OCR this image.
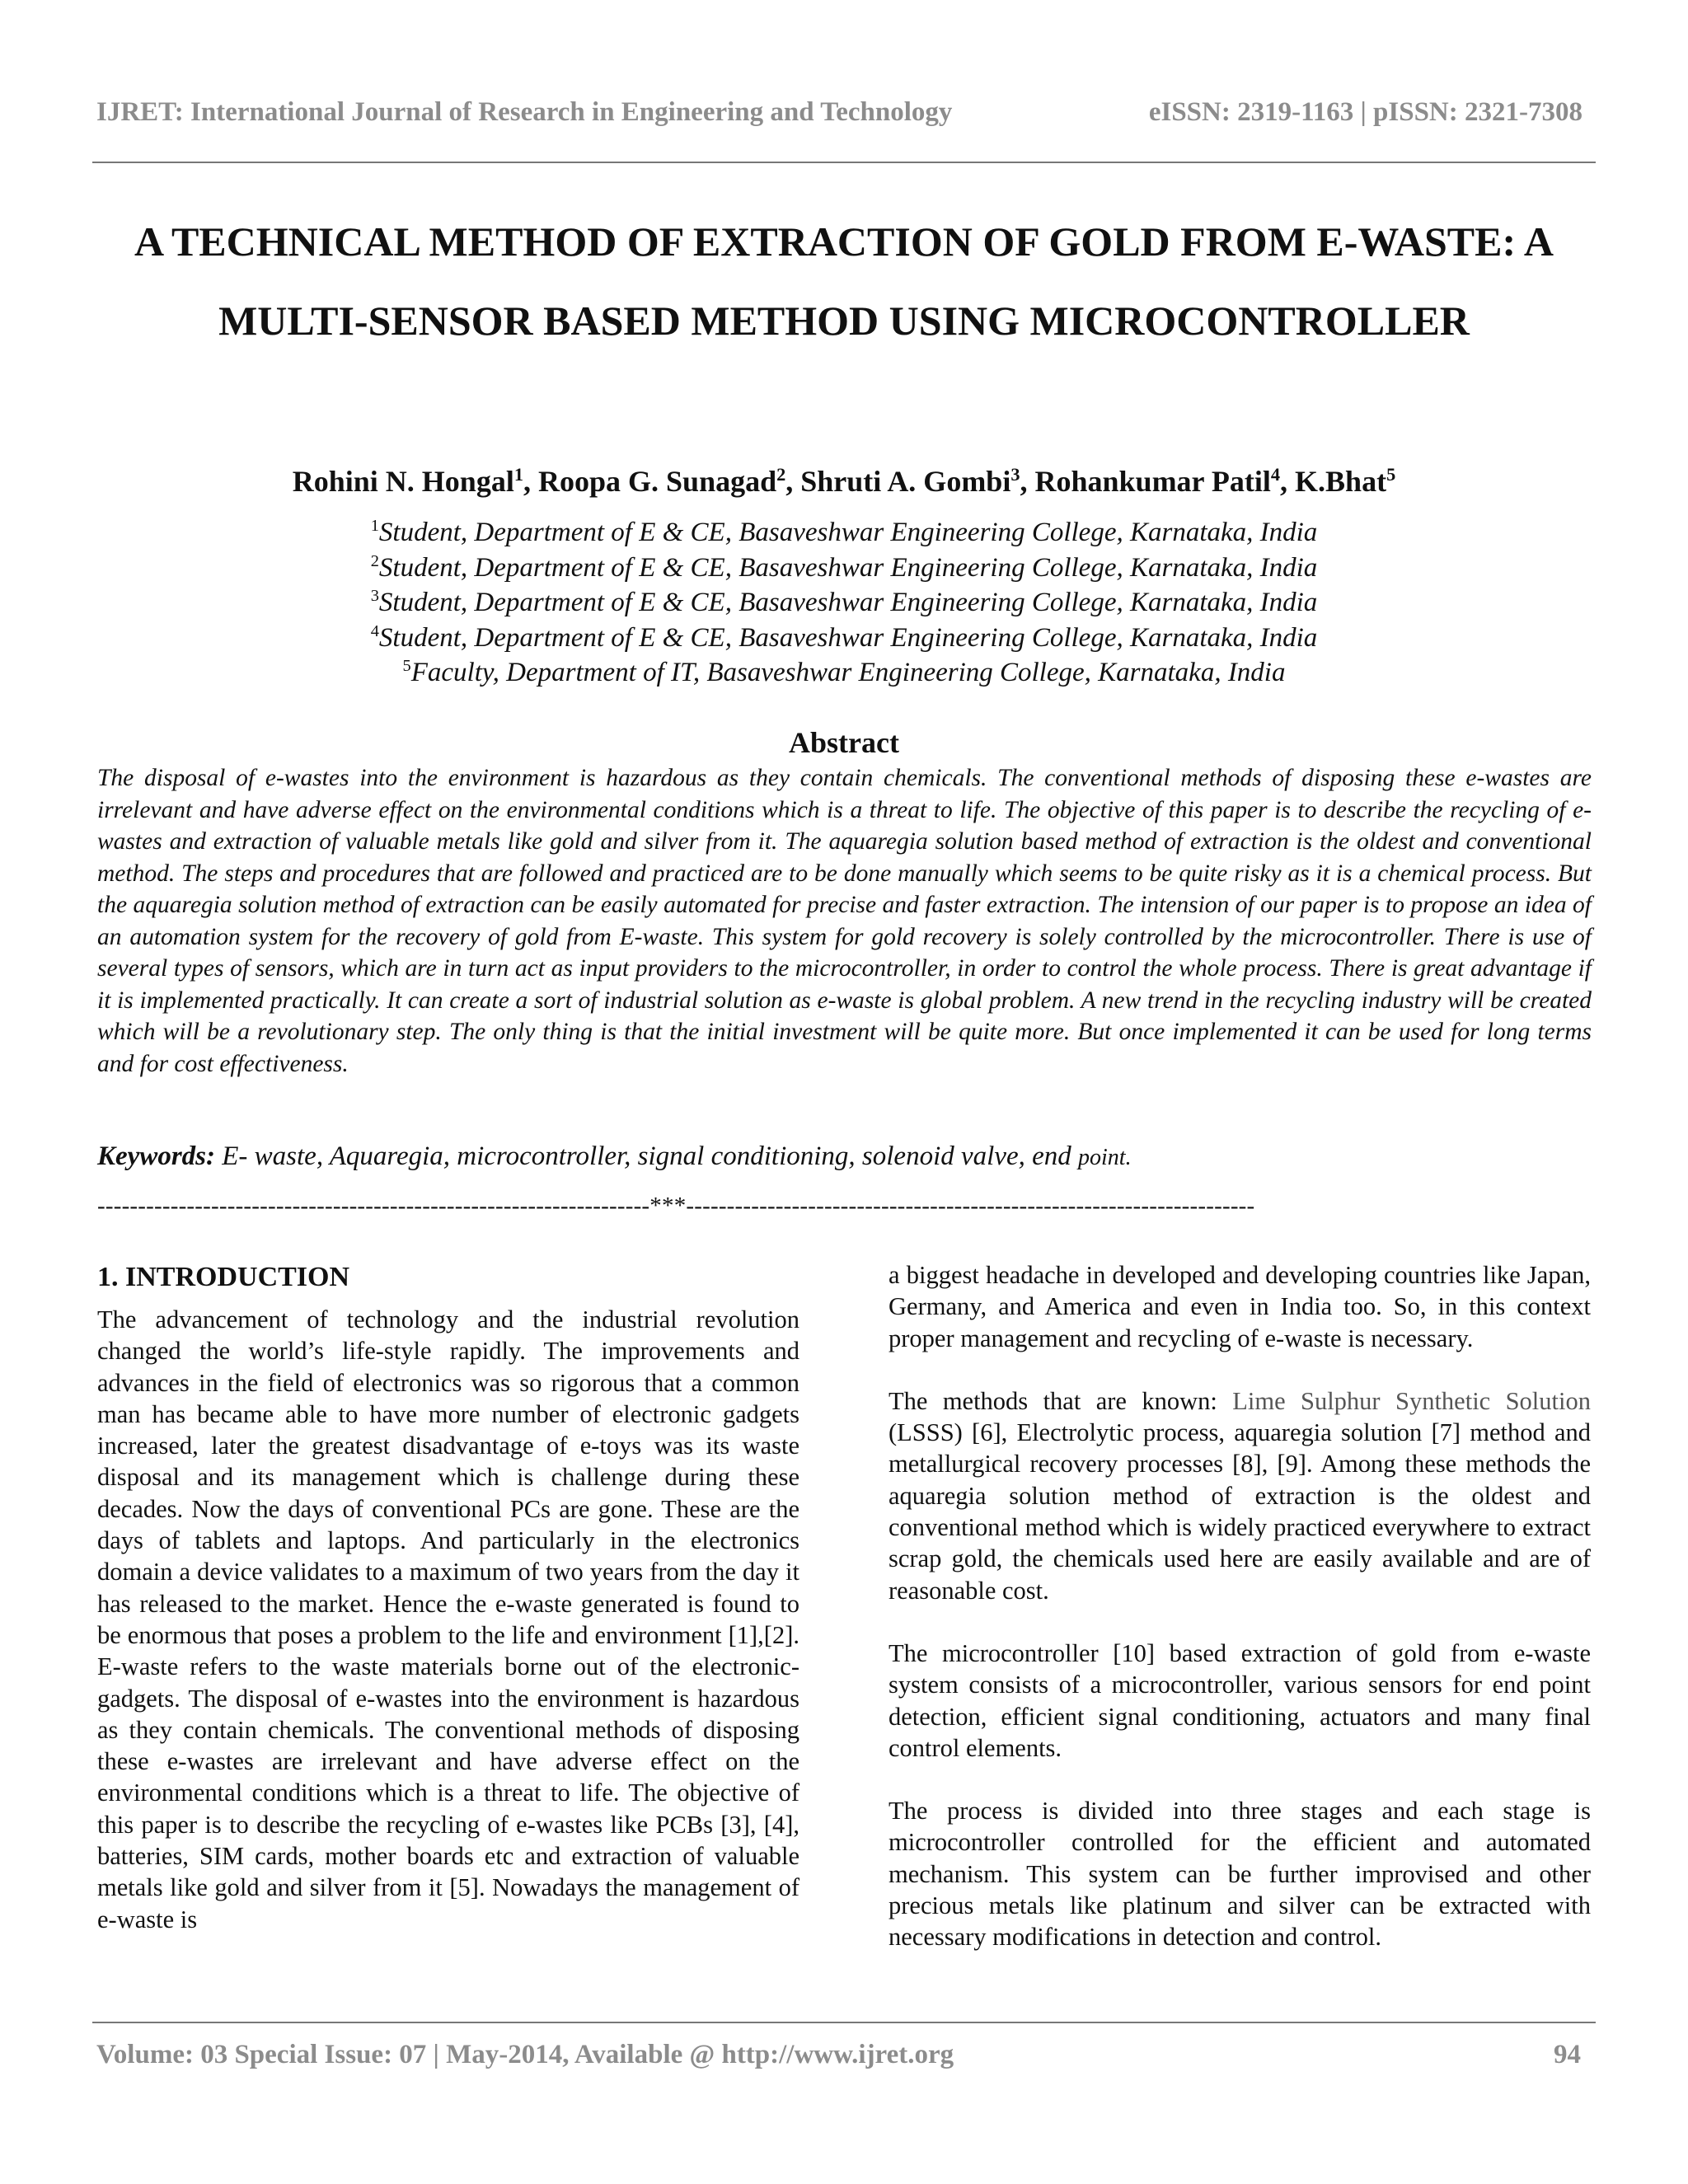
IJRET: International Journal of Research in Engineering and Technology	eISSN: 2319-1163 | pISSN: 2321-7308
A TECHNICAL METHOD OF EXTRACTION OF GOLD FROM E-WASTE: A MULTI-SENSOR BASED METHOD USING MICROCONTROLLER
Rohini N. Hongal$^1$, Roopa G. Sunagad$^2$, Shruti A. Gombi$^3$, Rohankumar Patil$^4$, K.Bhat$^5$
$^1$Student, Department of E & CE, Basaveshwar Engineering College, Karnataka, India
$^2$Student, Department of E & CE, Basaveshwar Engineering College, Karnataka, India
$^3$Student, Department of E & CE, Basaveshwar Engineering College, Karnataka, India
$^4$Student, Department of E & CE, Basaveshwar Engineering College, Karnataka, India
$^5$Faculty, Department of IT, Basaveshwar Engineering College, Karnataka, India
Abstract
The disposal of e-wastes into the environment is hazardous as they contain chemicals. The conventional methods of disposing these e-wastes are irrelevant and have adverse effect on the environmental conditions which is a threat to life. The objective of this paper is to describe the recycling of e-wastes and extraction of valuable metals like gold and silver from it. The aquaregia solution based method of extraction is the oldest and conventional method. The steps and procedures that are followed and practiced are to be done manually which seems to be quite risky as it is a chemical process. But the aquaregia solution method of extraction can be easily automated for precise and faster extraction. The intension of our paper is to propose an idea of an automation system for the recovery of gold from E-waste. This system for gold recovery is solely controlled by the microcontroller. There is use of several types of sensors, which are in turn act as input providers to the microcontroller, in order to control the whole process. There is great advantage if it is implemented practically. It can create a sort of industrial solution as e-waste is global problem. A new trend in the recycling industry will be created which will be a revolutionary step. The only thing is that the initial investment will be quite more. But once implemented it can be used for long terms and for cost effectiveness.
Keywords: E- waste, Aquaregia, microcontroller, signal conditioning, solenoid valve, end point.
--------------------------------------------------------------------***----------------------------------------------------------------------
1. INTRODUCTION

The advancement of technology and the industrial revolution changed the world’s life-style rapidly. The improvements and advances in the field of electronics was so rigorous that a common man has became able to have more number of electronic gadgets increased, later the greatest disadvantage of e-toys was its waste disposal and its management which is challenge during these decades. Now the days of conventional PCs are gone. These are the days of tablets and laptops. And particularly in the electronics domain a device validates to a maximum of two years from the day it has released to the market. Hence the e-waste generated is found to be enormous that poses a problem to the life and environment [1],[2]. E-waste refers to the waste materials borne out of the electronic-gadgets. The disposal of e-wastes into the environment is hazardous as they contain chemicals. The conventional methods of disposing these e-wastes are irrelevant and have adverse effect on the environmental conditions which is a threat to life. The objective of this paper is to describe the recycling of e-wastes like PCBs [3], [4], batteries, SIM cards, mother boards etc and extraction of valuable metals like gold and silver from it [5]. Nowadays the management of e-waste is

a biggest headache in developed and developing countries like Japan, Germany, and America and even in India too. So, in this context proper management and recycling of e-waste is necessary.

The methods that are known: Lime Sulphur Synthetic Solution (LSSS) [6], Electrolytic process, aquaregia solution [7] method and metallurgical recovery processes [8], [9]. Among these methods the aquaregia solution method of extraction is the oldest and conventional method which is widely practiced everywhere to extract scrap gold, the chemicals used here are easily available and are of reasonable cost.

The microcontroller [10] based extraction of gold from e-waste system consists of a microcontroller, various sensors for end point detection, efficient signal conditioning, actuators and many final control elements.

The process is divided into three stages and each stage is microcontroller controlled for the efficient and automated mechanism. This system can be further improvised and other precious metals like platinum and silver can be extracted with necessary modifications in detection and control.

Volume: 03 Special Issue: 07 | May-2014, Available @ http://www.ijret.org	94
